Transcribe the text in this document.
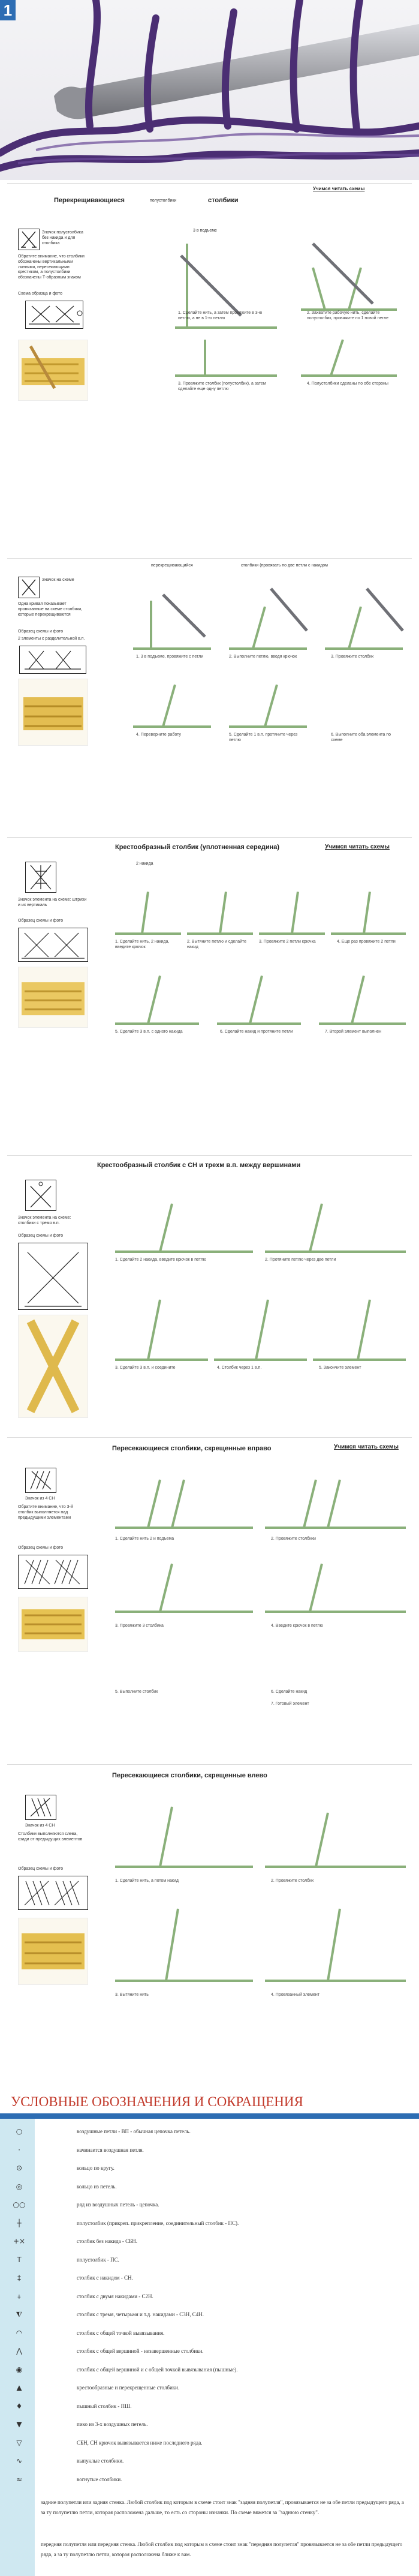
1
Учимся читать схемы
Перекрещивающиеся	полустолбики	столбики
Значок полустолбика без накида и для столбика
Обратите внимание, что столбики обозначены вертикальными линиями, пересекающими крестиком, а полустолбики обозначены Т-образным знаком
Схема образца и фото
3 в подъеме
1. Сделайте нить, а затем провяжите в 3-ю петлю, а не в 1-ю петлю
2. Захватите рабочую нить, сделайте полустолбик, провяжите по 1 новой петле
3. Провяжите столбик (полустолбик), а затем сделайте еще одну петлю
4. Полустолбики сделаны по обе стороны
перекрещивающийся	столбики (провязать по две петли с накидом
Значок на схеме
Одна кривая показывает провязанные на схеме столбики, которые перекрещиваются
Образец схемы и фото
2 элементы с разделительной в.п.
1. 3 в подъеме, провяжите с петли	2. Выполните петлю, вводя крючок	3. Провяжите столбик
4. Переверните работу	5. Сделайте 1 в.п. протяните через петлю
6. Выполните оба элемента по схеме
Крестообразный столбик (уплотненная середина)	Учимся читать схемы
Значок элемента на схеме: штрихи и их вертикаль
Образец схемы и фото
2 накида
1. Сделайте нить, 2 накида, введите крючок
2. Вытяните петлю и сделайте накид
3. Провяжите 2 петли крючка	4. Еще раз провяжите 2 петли
5. Сделайте 3 в.п. с одного накида	6. Сделайте накид и протяните петли	7. Второй элемент выполнен
Крестообразный столбик с СН и трехм в.п. между вершинами
Значок элемента на схеме: столбики с тремя в.п.
Образец схемы и фото
1. Сделайте 2 накида, введите крючок в петлю	2. Протяните петлю через две петли
3. Сделайте 3 в.п. и соедините	4. Столбик через 1 в.п.	5. Закончите элемент
Пересекающиеся столбики, скрещенные вправо	Учимся читать схемы
Значок из 4 СН
Обратите внимание, что 3-й столбик выполняется над предыдущими элементами
Образец схемы и фото
1. Сделайте нить 2 и подъема	2. Провяжите столбики
3. Провяжите 3 столбика	4. Введите крючок в петлю
5. Выполните столбик	6. Сделайте накид
7. Готовый элемент
Пересекающиеся столбики, скрещенные влево
Значок из 4 СН
Столбики выполняются слева, сзади от предыдущих элементов
Образец схемы и фото
1. Сделайте нить, а потом накид	2. Провяжите столбик
3. Вытяните нить	4. Провязанный элемент
УСЛОВНЫЕ ОБОЗНАЧЕНИЯ И СОКРАЩЕНИЯ
○	воздушные петли - ВП - обычная цепочка петель.
·	начинается воздушная петля.
⊙	кольцо по кругу.
◎	кольцо из петель.
○○	ряд из воздушных петель - цепочка.
┼	полустолбик (прикреп. прикрепление, соединительный столбик - ПС).
+×	столбик без накида - СБН.
T	полустолбик - ПС.
‡	столбик с накидом - СН.
⧧	столбик с двумя накидами - С2Н.
⧨	столбик с тремя, четырьмя и т.д. накидами - С3Н, С4Н.
◠	столбик с общей точкой вывязывания.
⋀	столбик с общей вершиной - незавершенные столбики.
◉	столбик с общей вершиной и с общей точкой вывязывания (пышные).
▲	крестообразные и перекрещенные столбики.
♦	пышный столбик - ПШ.
▼	пико из 3-х воздушных петель.
▽	СБН, СН крючок вывязывается ниже последнего ряда.
∿	выпуклые столбики.
≈	вогнутые столбики.
задние полупетли или задняя стенка. Любой столбик под которым в схеме стоит знак "задняя полупетля", провязывается не за обе петли предыдущего ряда, а за ту полупетлю петли, которая расположена дальше, то есть со стороны изнанки. По схеме вяжется за "заднюю стенку".
передняя полупетля или передняя стенка. Любой столбик под которым в схеме стоит знак "передняя полупетля" провязывается не за обе петли предыдущего ряда, а за ту полупетлю петли, которая расположена ближе к вам.
